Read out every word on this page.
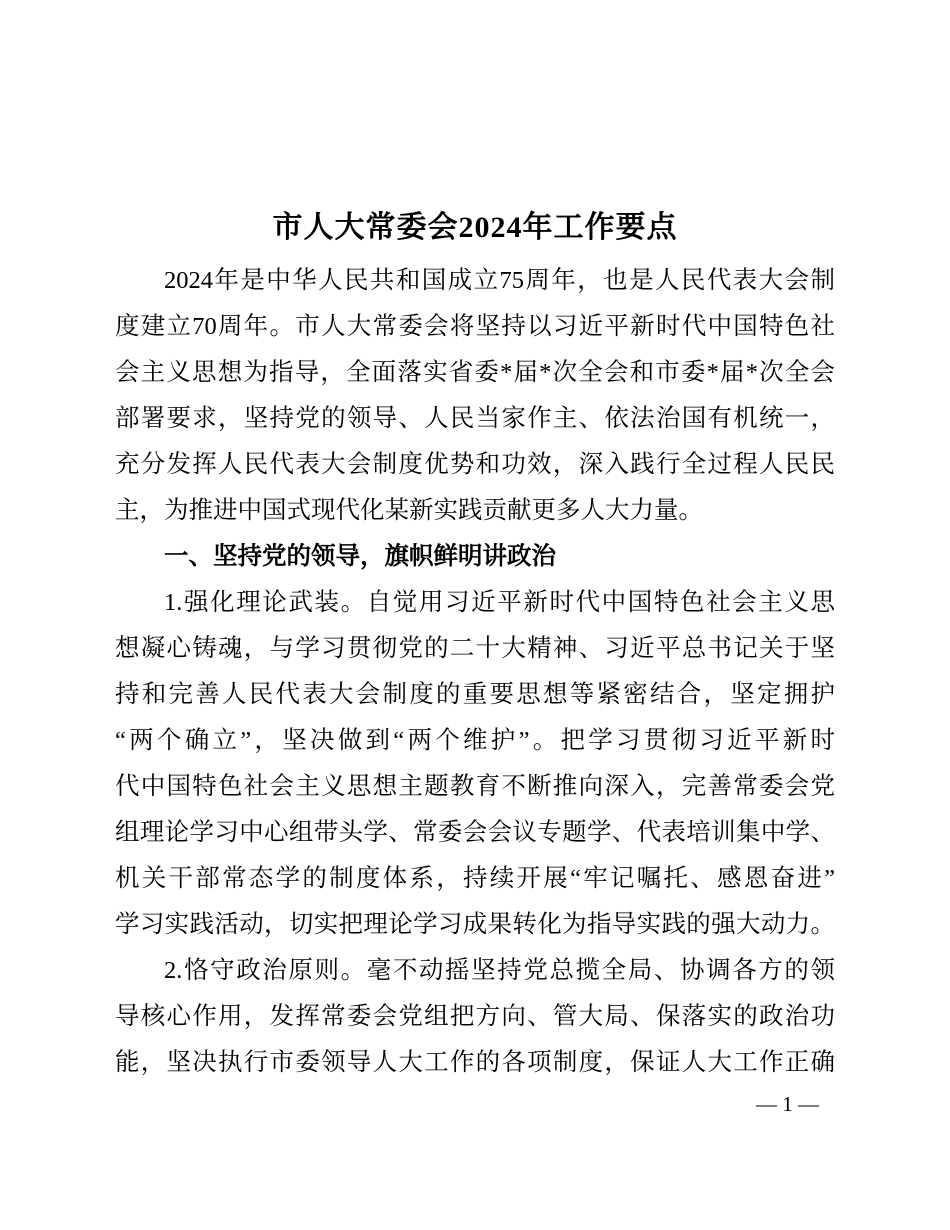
市人大常委会2024年工作要点
2024年是中华人民共和国成立75周年，也是人民代表大会制
度建立70周年。市人大常委会将坚持以习近平新时代中国特色社
会主义思想为指导，全面落实省委*届*次全会和市委*届*次全会
部署要求，坚持党的领导、人民当家作主、依法治国有机统一，
充分发挥人民代表大会制度优势和功效，深入践行全过程人民民
主，为推进中国式现代化某新实践贡献更多人大力量。
一、坚持党的领导，旗帜鲜明讲政治
1.强化理论武装。自觉用习近平新时代中国特色社会主义思
想凝心铸魂，与学习贯彻党的二十大精神、习近平总书记关于坚
持和完善人民代表大会制度的重要思想等紧密结合，坚定拥护
“两个确立”，坚决做到“两个维护”。把学习贯彻习近平新时
代中国特色社会主义思想主题教育不断推向深入，完善常委会党
组理论学习中心组带头学、常委会会议专题学、代表培训集中学、
机关干部常态学的制度体系，持续开展“牢记嘱托、感恩奋进”
学习实践活动，切实把理论学习成果转化为指导实践的强大动力。
2.恪守政治原则。毫不动摇坚持党总揽全局、协调各方的领
导核心作用，发挥常委会党组把方向、管大局、保落实的政治功
能，坚决执行市委领导人大工作的各项制度，保证人大工作正确
— 1 —
